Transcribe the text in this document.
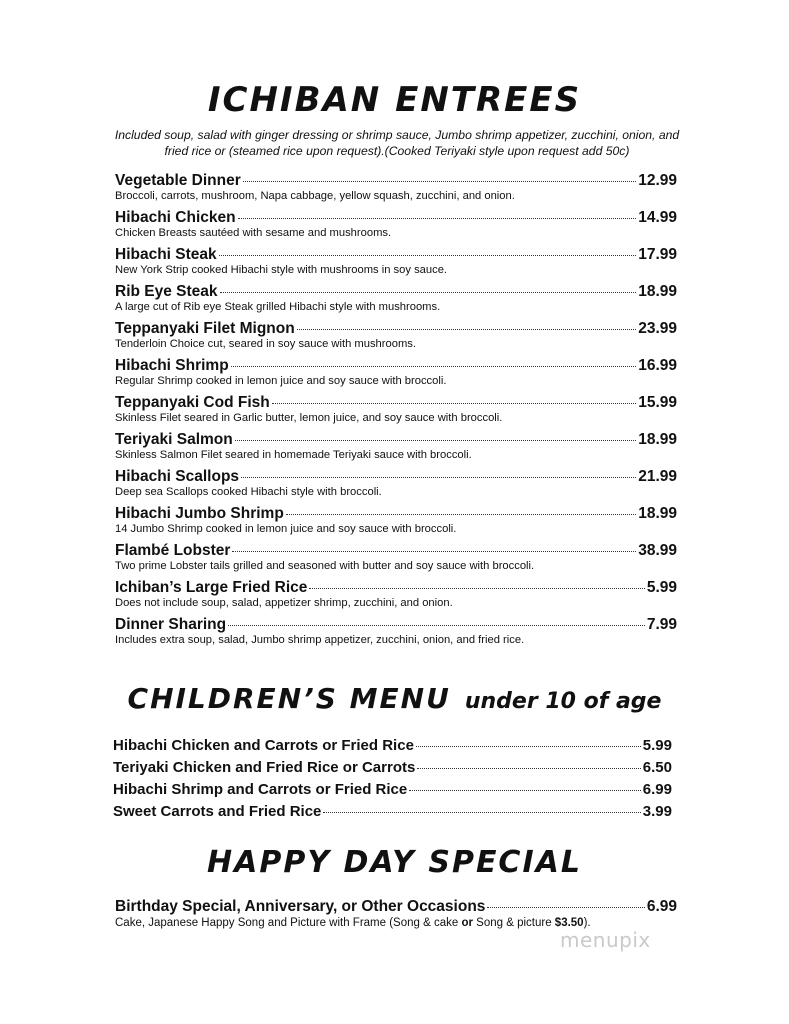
ICHIBAN ENTREES
Included soup, salad with ginger dressing or shrimp sauce, Jumbo shrimp appetizer, zucchini, onion, and fried rice or (steamed rice upon request).(Cooked Teriyaki style upon request add 50c)
Vegetable Dinner	12.99
Broccoli, carrots, mushroom, Napa cabbage, yellow squash, zucchini, and onion.
Hibachi Chicken	14.99
Chicken Breasts sautéed with sesame and mushrooms.
Hibachi Steak	17.99
New York Strip cooked Hibachi style with mushrooms in soy sauce.
Rib Eye Steak	18.99
A large cut of Rib eye Steak grilled Hibachi style with mushrooms.
Teppanyaki Filet Mignon	23.99
Tenderloin Choice cut, seared in soy sauce with mushrooms.
Hibachi Shrimp	16.99
Regular Shrimp cooked in lemon juice and soy sauce with broccoli.
Teppanyaki Cod Fish	15.99
Skinless Filet seared in Garlic butter, lemon juice, and soy sauce with broccoli.
Teriyaki Salmon	18.99
Skinless Salmon Filet seared in homemade Teriyaki sauce with broccoli.
Hibachi Scallops	21.99
Deep sea Scallops cooked Hibachi style with broccoli.
Hibachi Jumbo Shrimp	18.99
14 Jumbo Shrimp cooked in lemon juice and soy sauce with broccoli.
Flambé Lobster	38.99
Two prime Lobster tails grilled and seasoned with butter and soy sauce with broccoli.
Ichiban’s Large Fried Rice	5.99
Does not include soup, salad, appetizer shrimp, zucchini, and onion.
Dinner Sharing	7.99
Includes extra soup, salad, Jumbo shrimp appetizer, zucchini, onion, and fried rice.
CHILDREN’S MENU under 10 of age
Hibachi Chicken and Carrots or Fried Rice	5.99
Teriyaki Chicken and Fried Rice or Carrots	6.50
Hibachi Shrimp and Carrots or Fried Rice	6.99
Sweet Carrots and Fried Rice	3.99
HAPPY DAY SPECIAL
Birthday Special, Anniversary, or Other Occasions	6.99
Cake, Japanese Happy Song and Picture with Frame (Song & cake or Song & picture $3.50).
menupix
